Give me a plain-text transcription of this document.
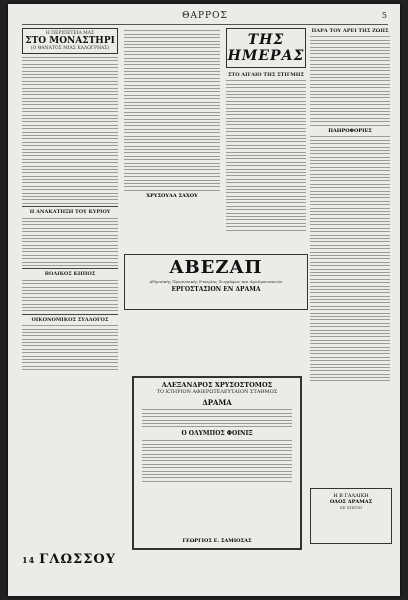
ΘΑΡΡΟΣ	5
Η ΠΕΡΙΠΕΤΕΙΑ ΜΑΣ
ΣΤΟ ΜΟΝΑΣΤΗΡΙ
(Ο ΘΑΝΑΤΟΣ ΜΙΑΣ ΚΑΛΟΓΡΗΑΣ)
Η ΑΝΑΚΑΤΗΞΗ ΤΟΥ ΚΥΡΙΟΥ
ΒΟΛΙΚΟΣ ΚΗΠΟΣ
ΟΙΚΟΝΟΜΙΚΟΣ ΣΥΛΛΟΓΟΣ
ΧΡΥΣΟΥΛΑ ΣΑΧΟΥ
ΤΗΣ ΗΜΕΡΑΣ
ΣΤΟ ΑΙΓΑΙΟ ΤΗΣ ΣΤΙΓΜΗΣ
ΠΑΡΑ ΤΟΥ ΑΡΕΙ ΤΗΣ ΖΩΗΣ
ΠΛΗΡΟΦΟΡΙΕΣ
ΑΒΕΖΑΠ
Αθηναϊκής Προσωπικής Εταιρίας Ζωγράφων και Αγαλματοποιών
ΕΡΓΟΣΤΑΣΙΟΝ ΕΝ ΔΡΑΜΑ
ΑΛΕΞΑΝΔΡΟΣ ΧΡΥΣΟΣΤΟΜΟΣ
ΤΟ ΚΤΗΡΙΟΝ ΑΦΙΕΡΩΤΕΛΕΥΤΑΙΟΝ ΣΤΑΘΜΟΣ
ΔΡΑΜΑ
Ο ΟΛΥΜΠΟΣ ΦΟΙΝΙΞ
ΓΕΩΡΓΙΟΣ Ε. ΣΑΜΙΟΣΑΣ
14 ΓΛΩΣΣΟΥ
Η Β ΓΑΛΛΙΚΗ
ΟΔΟΣ ΔΡΑΜΑΣ
ΣΕ ΣΠΙΤΙΟ
